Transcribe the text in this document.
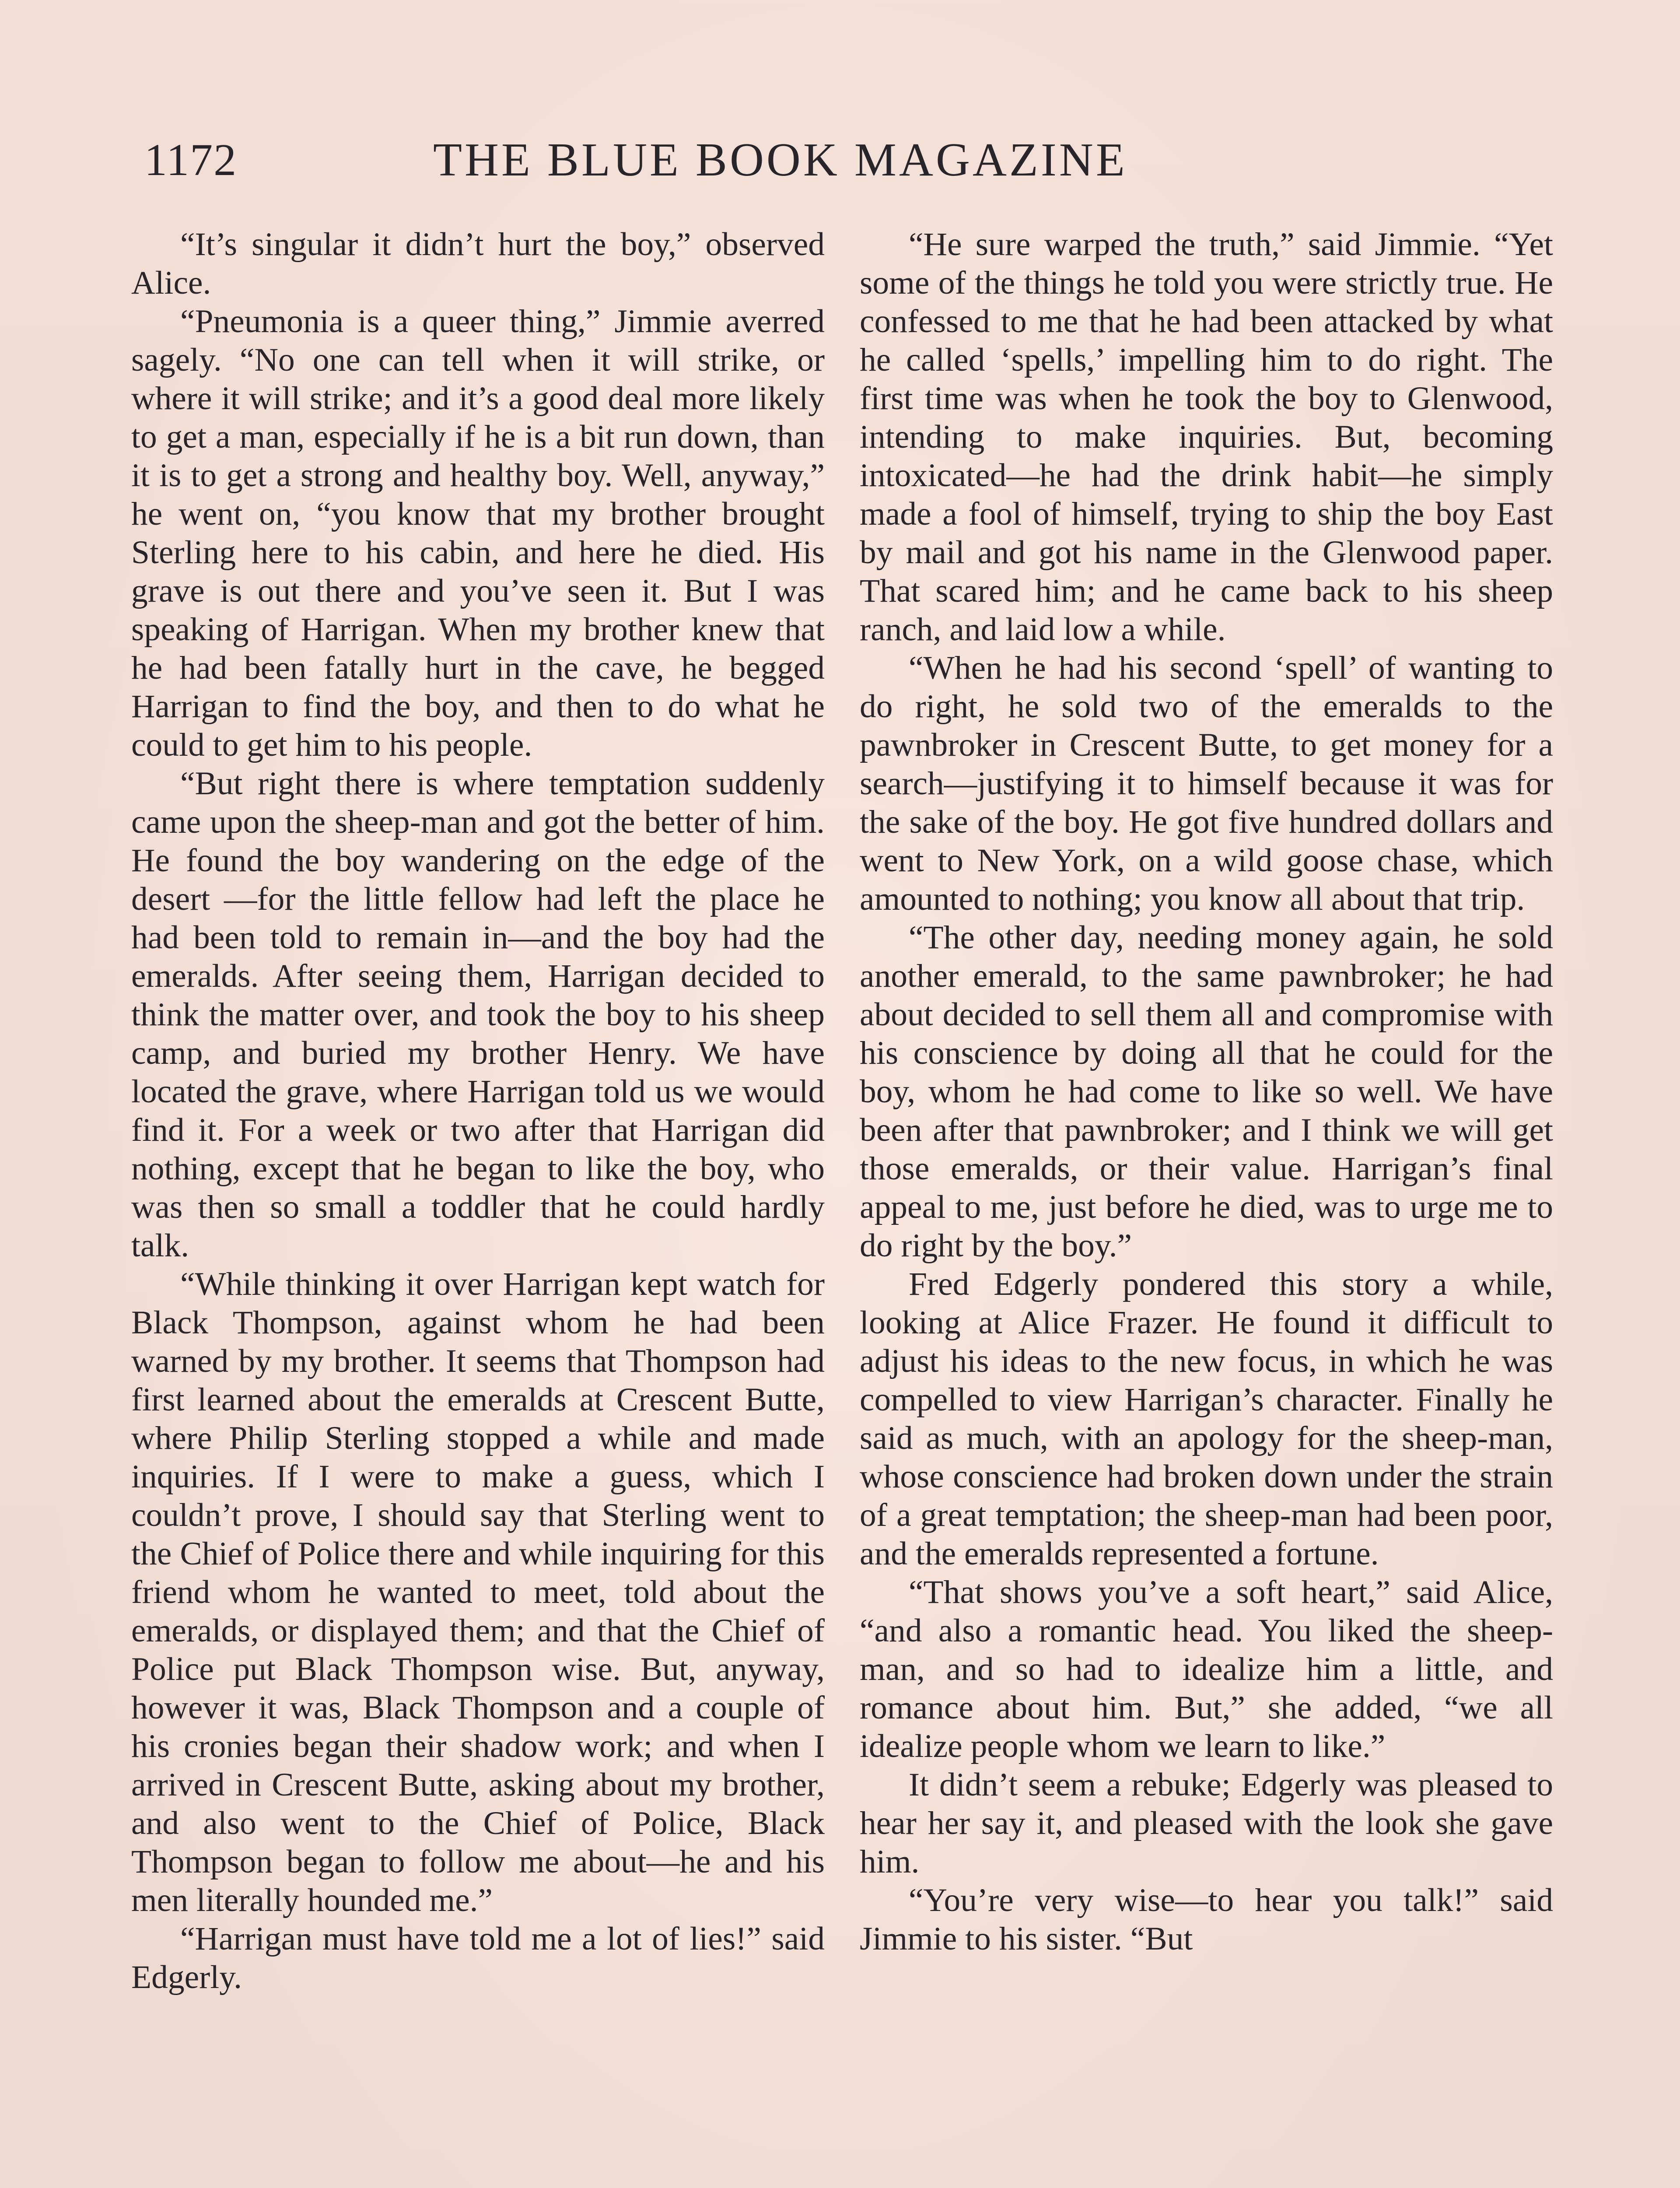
1172	THE BLUE BOOK MAGAZINE

“It’s singular it didn’t hurt the boy,” observed Alice.

“Pneumonia is a queer thing,” Jimmie averred sagely. “No one can tell when it will strike, or where it will strike; and it’s a good deal more likely to get a man, especially if he is a bit run down, than it is to get a strong and healthy boy. Well, anyway,” he went on, “you know that my brother brought Sterling here to his cabin, and here he died. His grave is out there and you’ve seen it. But I was speaking of Harrigan. When my brother knew that he had been fatally hurt in the cave, he begged Harrigan to find the boy, and then to do what he could to get him to his people.

“But right there is where temptation suddenly came upon the sheep-man and got the better of him. He found the boy wandering on the edge of the desert —for the little fellow had left the place he had been told to remain in—and the boy had the emeralds. After seeing them, Harrigan decided to think the matter over, and took the boy to his sheep camp, and buried my brother Henry. We have located the grave, where Harrigan told us we would find it. For a week or two after that Harrigan did nothing, except that he began to like the boy, who was then so small a toddler that he could hardly talk.

“While thinking it over Harrigan kept watch for Black Thompson, against whom he had been warned by my brother. It seems that Thompson had first learned about the emeralds at Crescent Butte, where Philip Sterling stopped a while and made inquiries. If I were to make a guess, which I couldn’t prove, I should say that Sterling went to the Chief of Police there and while inquiring for this friend whom he wanted to meet, told about the emeralds, or displayed them; and that the Chief of Police put Black Thompson wise. But, anyway, however it was, Black Thompson and a couple of his cronies began their shadow work; and when I arrived in Crescent Butte, asking about my brother, and also went to the Chief of Police, Black Thompson began to follow me about—he and his men literally hounded me.”

“Harrigan must have told me a lot of lies!” said Edgerly.

“He sure warped the truth,” said Jimmie. “Yet some of the things he told you were strictly true. He confessed to me that he had been attacked by what he called ‘spells,’ impelling him to do right. The first time was when he took the boy to Glenwood, intending to make inquiries. But, becoming intoxicated—he had the drink habit—he simply made a fool of himself, trying to ship the boy East by mail and got his name in the Glenwood paper. That scared him; and he came back to his sheep ranch, and laid low a while.

“When he had his second ‘spell’ of wanting to do right, he sold two of the emeralds to the pawnbroker in Crescent Butte, to get money for a search—justifying it to himself because it was for the sake of the boy. He got five hundred dollars and went to New York, on a wild goose chase, which amounted to nothing; you know all about that trip.

“The other day, needing money again, he sold another emerald, to the same pawnbroker; he had about decided to sell them all and compromise with his conscience by doing all that he could for the boy, whom he had come to like so well. We have been after that pawnbroker; and I think we will get those emeralds, or their value. Harrigan’s final appeal to me, just before he died, was to urge me to do right by the boy.”

Fred Edgerly pondered this story a while, looking at Alice Frazer. He found it difficult to adjust his ideas to the new focus, in which he was compelled to view Harrigan’s character. Finally he said as much, with an apology for the sheep-man, whose conscience had broken down under the strain of a great temptation; the sheep-man had been poor, and the emeralds represented a fortune.

“That shows you’ve a soft heart,” said Alice, “and also a romantic head. You liked the sheep-man, and so had to idealize him a little, and romance about him. But,” she added, “we all idealize people whom we learn to like.”

It didn’t seem a rebuke; Edgerly was pleased to hear her say it, and pleased with the look she gave him.

“You’re very wise—to hear you talk!” said Jimmie to his sister. “But
